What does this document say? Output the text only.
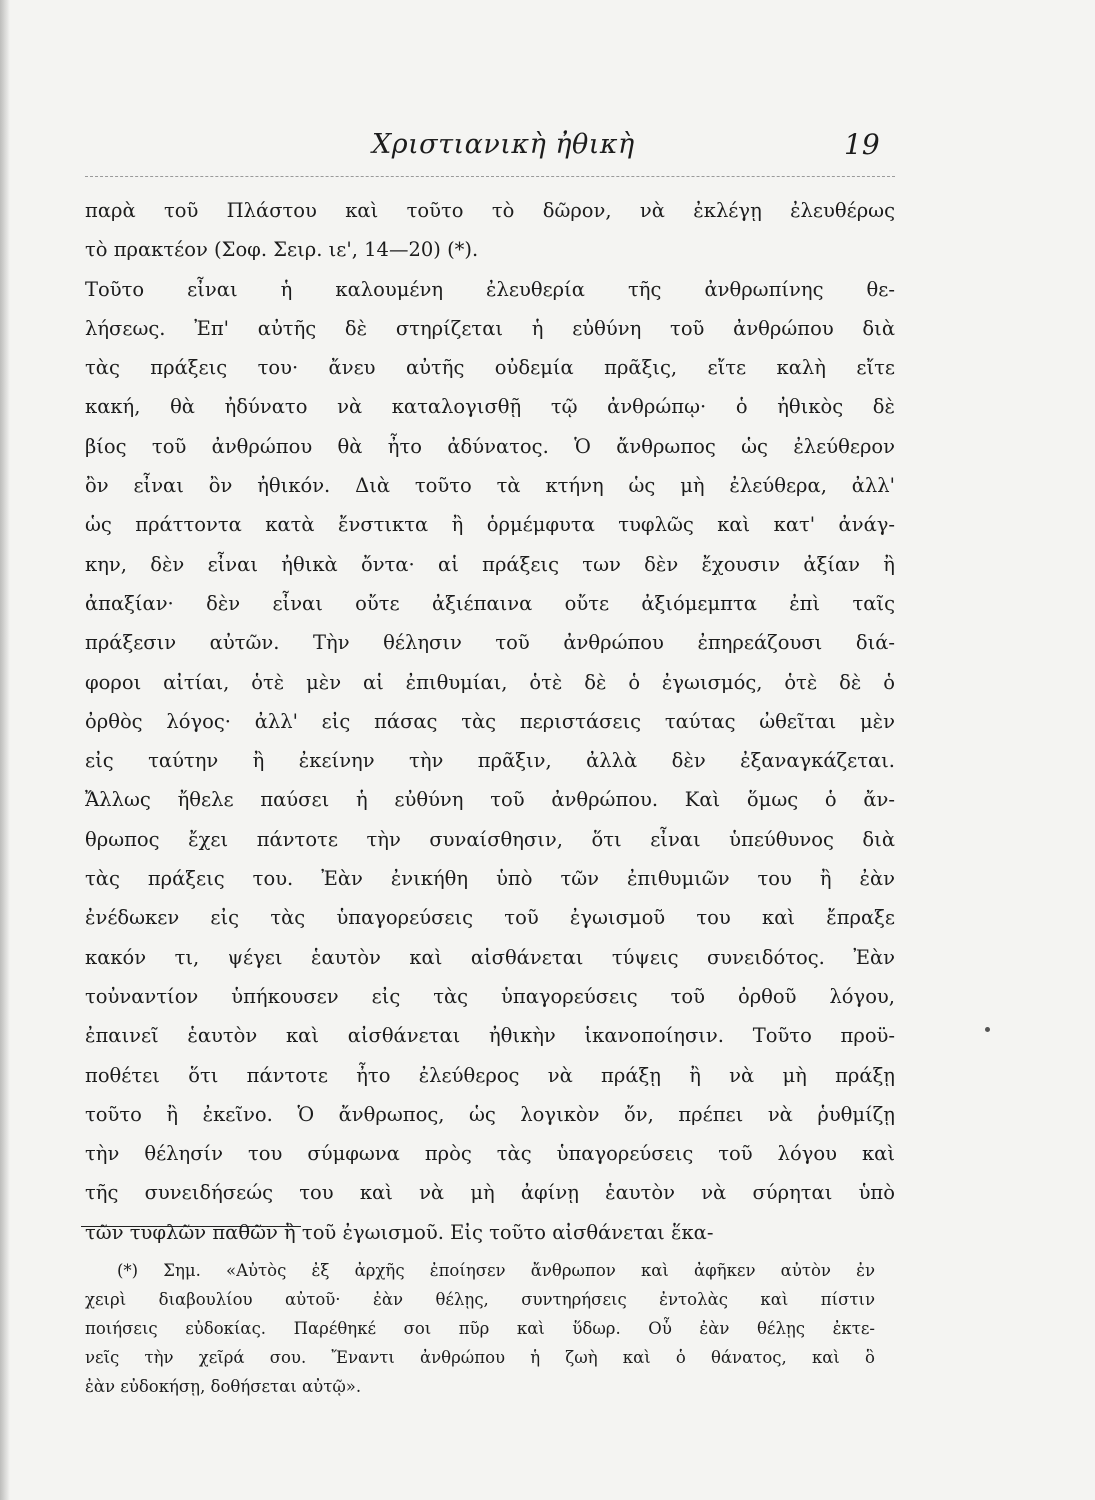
Χριστιανικὴ ἠθικὴ	19
παρὰ τοῦ Πλάστου καὶ τοῦτο τὸ δῶρον, νὰ ἐκλέγῃ ἐλευθέρως
τὸ πρακτέον (Σοφ. Σειρ. ιε', 14—20) (*).
Τοῦτο εἶναι ἡ καλουμένη ἐλευθερία τῆς ἀνθρωπίνης θε-
λήσεως. Ἐπ' αὐτῆς δὲ στηρίζεται ἡ εὐθύνη τοῦ ἀνθρώπου διὰ
τὰς πράξεις του· ἄνευ αὐτῆς οὐδεμία πρᾶξις, εἴτε καλὴ εἴτε
κακή, θὰ ἠδύνατο νὰ καταλογισθῇ τῷ ἀνθρώπῳ· ὁ ἠθικὸς δὲ
βίος τοῦ ἀνθρώπου θὰ ἦτο ἀδύνατος. Ὁ ἄνθρωπος ὡς ἐλεύθερον
ὂν εἶναι ὂν ἠθικόν. Διὰ τοῦτο τὰ κτήνη ὡς μὴ ἐλεύθερα, ἀλλ'
ὡς πράττοντα κατὰ ἔνστικτα ἢ ὁρμέμφυτα τυφλῶς καὶ κατ' ἀνάγ-
κην, δὲν εἶναι ἠθικὰ ὄντα· αἱ πράξεις των δὲν ἔχουσιν ἀξίαν ἢ
ἀπαξίαν· δὲν εἶναι οὔτε ἀξιέπαινα οὔτε ἀξιόμεμπτα ἐπὶ ταῖς
πράξεσιν αὐτῶν. Τὴν θέλησιν τοῦ ἀνθρώπου ἐπηρεάζουσι διά-
φοροι αἰτίαι, ὁτὲ μὲν αἱ ἐπιθυμίαι, ὁτὲ δὲ ὁ ἐγωισμός, ὁτὲ δὲ ὁ
ὀρθὸς λόγος· ἀλλ' εἰς πάσας τὰς περιστάσεις ταύτας ὠθεῖται μὲν
εἰς ταύτην ἢ ἐκείνην τὴν πρᾶξιν, ἀλλὰ δὲν ἐξαναγκάζεται.
Ἄλλως ἤθελε παύσει ἡ εὐθύνη τοῦ ἀνθρώπου. Καὶ ὅμως ὁ ἄν-
θρωπος ἔχει πάντοτε τὴν συναίσθησιν, ὅτι εἶναι ὑπεύθυνος διὰ
τὰς πράξεις του. Ἐὰν ἐνικήθη ὑπὸ τῶν ἐπιθυμιῶν του ἢ ἐὰν
ἐνέδωκεν εἰς τὰς ὑπαγορεύσεις τοῦ ἐγωισμοῦ του καὶ ἔπραξε
κακόν τι, ψέγει ἑαυτὸν καὶ αἰσθάνεται τύψεις συνειδότος. Ἐὰν
τοὐναντίον ὑπήκουσεν εἰς τὰς ὑπαγορεύσεις τοῦ ὀρθοῦ λόγου,
ἐπαινεῖ ἑαυτὸν καὶ αἰσθάνεται ἠθικὴν ἱκανοποίησιν. Τοῦτο προϋ-
ποθέτει ὅτι πάντοτε ἦτο ἐλεύθερος νὰ πράξῃ ἢ νὰ μὴ πράξῃ
τοῦτο ἢ ἐκεῖνο. Ὁ ἄνθρωπος, ὡς λογικὸν ὄν, πρέπει νὰ ῥυθμίζῃ
τὴν θέλησίν του σύμφωνα πρὸς τὰς ὑπαγορεύσεις τοῦ λόγου καὶ
τῆς συνειδήσεώς του καὶ νὰ μὴ ἀφίνῃ ἑαυτὸν νὰ σύρηται ὑπὸ
τῶν τυφλῶν παθῶν ἢ τοῦ ἐγωισμοῦ. Εἰς τοῦτο αἰσθάνεται ἕκα-
(*) Σημ. «Αὐτὸς ἐξ ἀρχῆς ἐποίησεν ἄνθρωπον καὶ ἀφῆκεν αὐτὸν ἐν
χειρὶ διαβουλίου αὐτοῦ· ἐὰν θέλῃς, συντηρήσεις ἐντολὰς καὶ πίστιν
ποιήσεις εὐδοκίας. Παρέθηκέ σοι πῦρ καὶ ὕδωρ. Οὗ ἐὰν θέλῃς ἐκτε-
νεῖς τὴν χεῖρά σου. Ἔναντι ἀνθρώπου ἡ ζωὴ καὶ ὁ θάνατος, καὶ ὃ
ἐὰν εὐδοκήσῃ, δοθήσεται αὐτῷ».
